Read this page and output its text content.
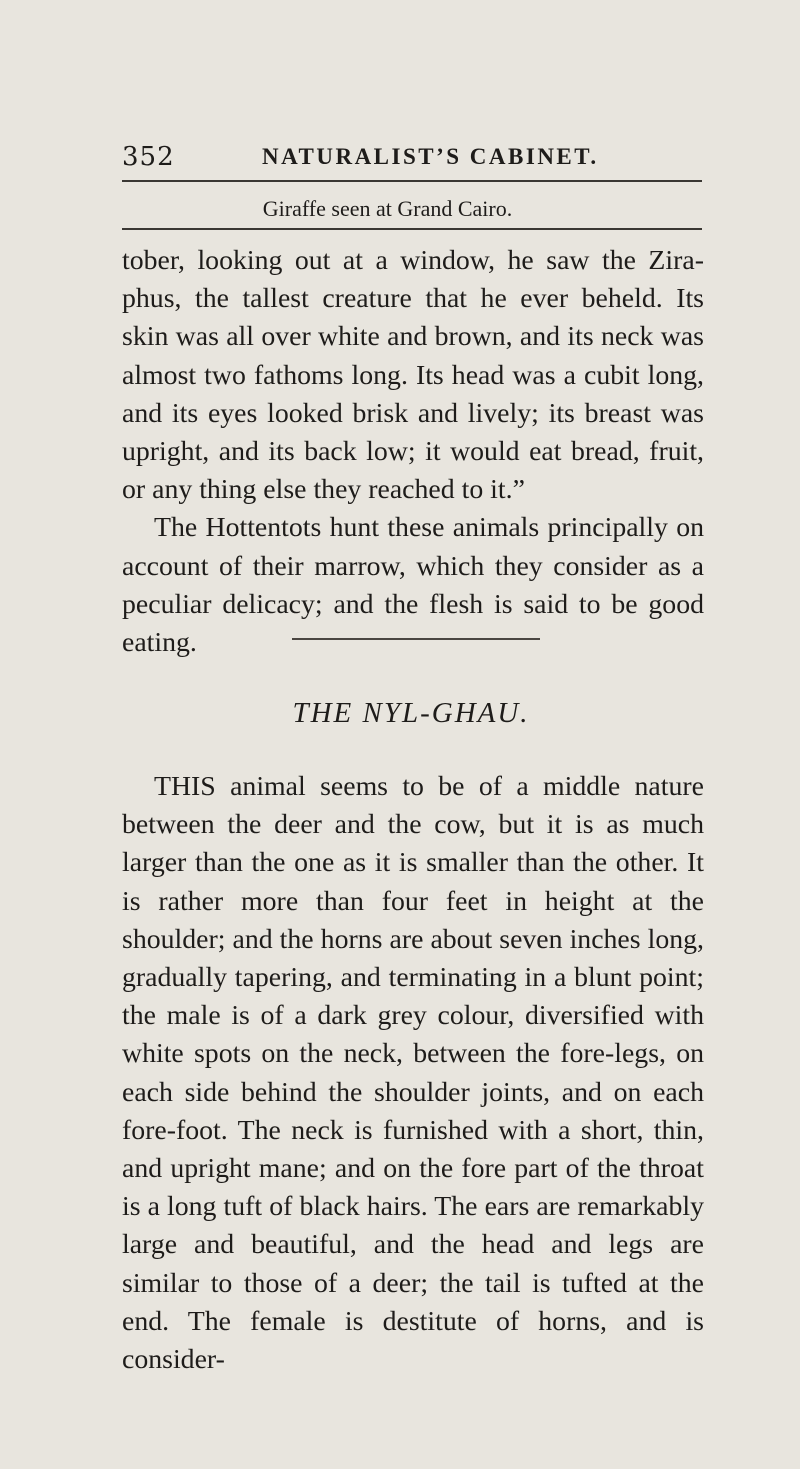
352	NATURALIST’S CABINET.
Giraffe seen at Grand Cairo.

tober, looking out at a window, he saw the Zira-phus, the tallest creature that he ever beheld. Its skin was all over white and brown, and its neck was almost two fathoms long. Its head was a cubit long, and its eyes looked brisk and lively; its breast was upright, and its back low; it would eat bread, fruit, or any thing else they reached to it.”

The Hottentots hunt these animals principally on account of their marrow, which they consider as a peculiar delicacy; and the flesh is said to be good eating.

THE NYL-GHAU.

THIS animal seems to be of a middle nature between the deer and the cow, but it is as much larger than the one as it is smaller than the other. It is rather more than four feet in height at the shoulder; and the horns are about seven inches long, gradually tapering, and terminating in a blunt point; the male is of a dark grey colour, diversified with white spots on the neck, between the fore-legs, on each side behind the shoulder joints, and on each fore-foot. The neck is furnished with a short, thin, and upright mane; and on the fore part of the throat is a long tuft of black hairs. The ears are remarkably large and beautiful, and the head and legs are similar to those of a deer; the tail is tufted at the end. The female is destitute of horns, and is consider-
